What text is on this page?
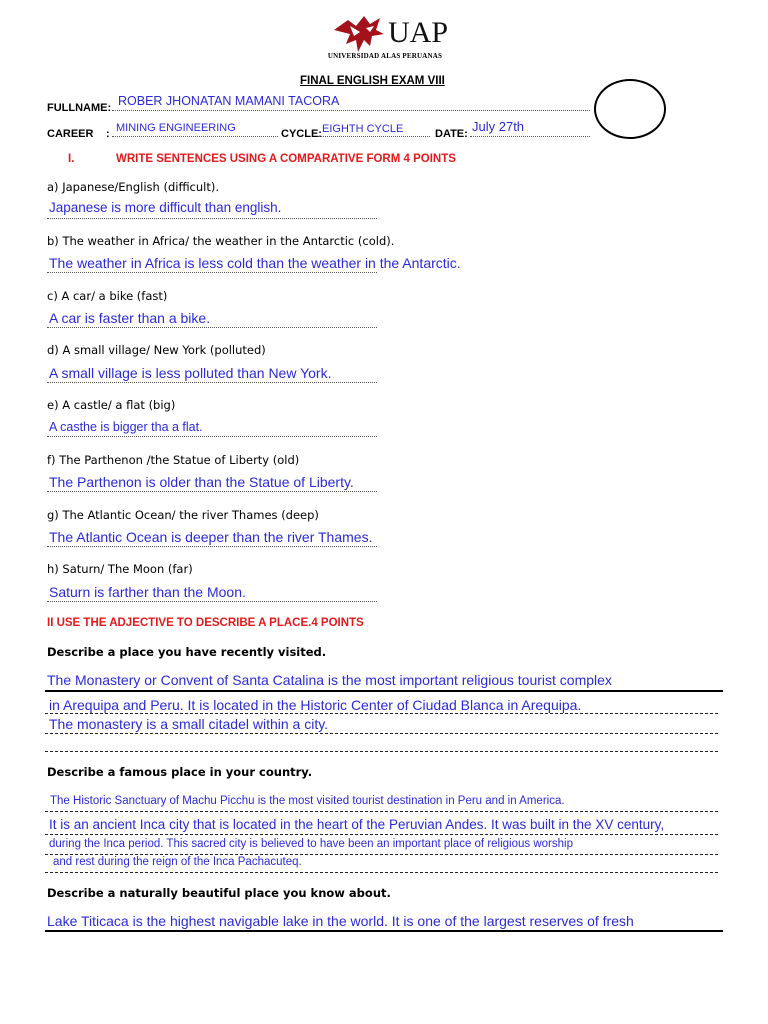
UAP
UNIVERSIDAD ALAS PERUANAS
FINAL ENGLISH EXAM VIII
FULLNAME: ROBER JHONATAN MAMANI TACORA
CAREER : MINING ENGINEERING	CYCLE: EIGHTH CYCLE	DATE: July 27th
I.	WRITE SENTENCES USING A COMPARATIVE FORM 4 POINTS
a) Japanese/English (difficult).
Japanese is more difficult than english.
b) The weather in Africa/ the weather in the Antarctic (cold).
The weather in Africa is less cold than the weather in the Antarctic.
c) A car/ a bike (fast)
A car is faster than a bike.
d) A small village/ New York (polluted)
A small village is less polluted than New York.
e) A castle/ a flat (big)
A casthe is bigger tha a flat.
f) The Parthenon /the Statue of Liberty (old)
The Parthenon is older than the Statue of Liberty.
g) The Atlantic Ocean/ the river Thames (deep)
The Atlantic Ocean is deeper than the river Thames.
h) Saturn/ The Moon (far)
Saturn is farther than the Moon.
II USE THE ADJECTIVE TO DESCRIBE A PLACE.4 POINTS
Describe a place you have recently visited.
The Monastery or Convent of Santa Catalina is the most important religious tourist complex
in Arequipa and Peru. It is located in the Historic Center of Ciudad Blanca in Arequipa.
The monastery is a small citadel within a city.
Describe a famous place in your country.
The Historic Sanctuary of Machu Picchu is the most visited tourist destination in Peru and in America.
It is an ancient Inca city that is located in the heart of the Peruvian Andes. It was built in the XV century,
during the Inca period. This sacred city is believed to have been an important place of religious worship
and rest during the reign of the Inca Pachacuteq.
Describe a naturally beautiful place you know about.
Lake Titicaca is the highest navigable lake in the world. It is one of the largest reserves of fresh
